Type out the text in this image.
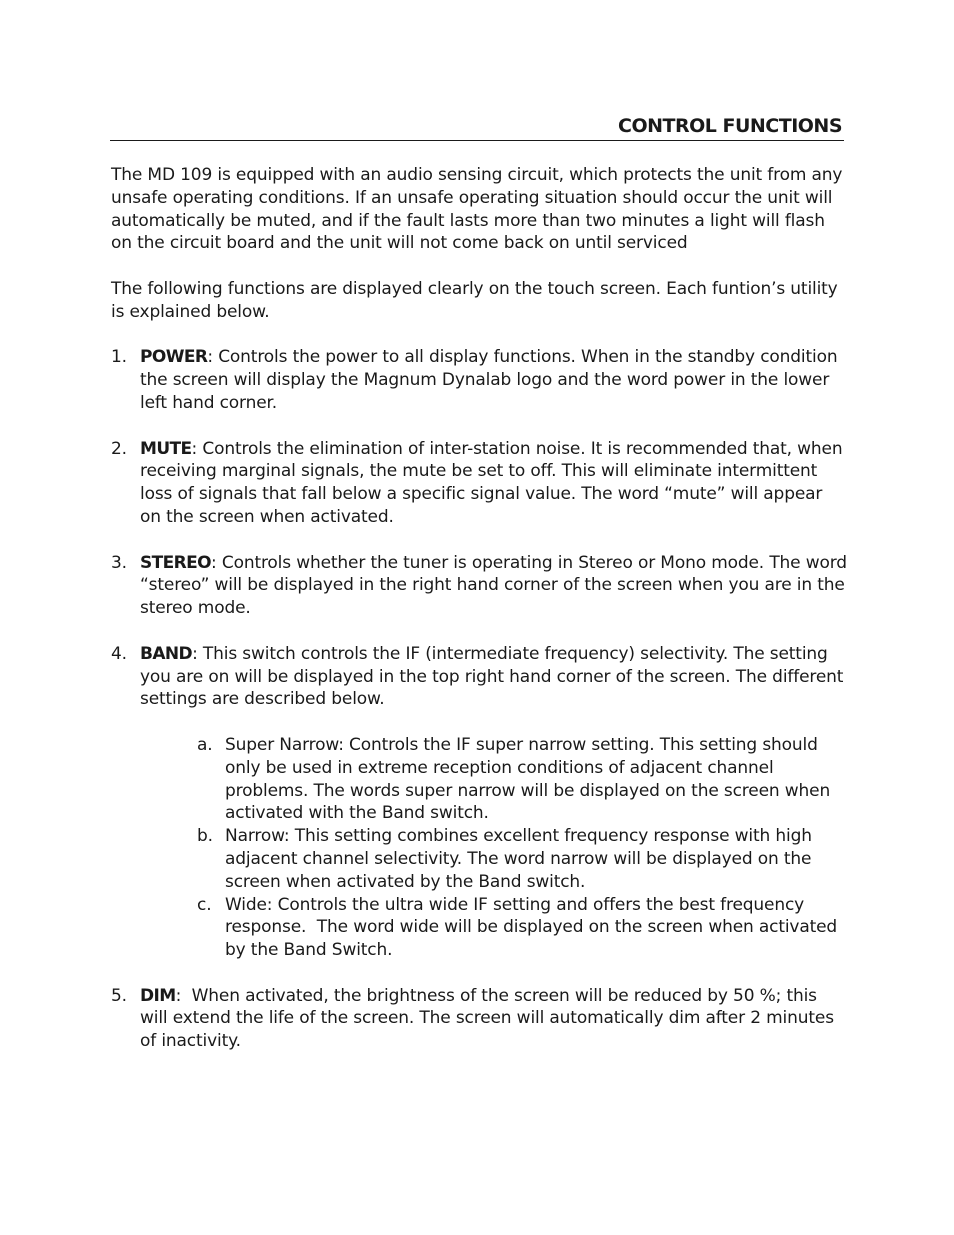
CONTROL FUNCTIONS

The MD 109 is equipped with an audio sensing circuit, which protects the unit from any unsafe operating conditions. If an unsafe operating situation should occur the unit will automatically be muted, and if the fault lasts more than two minutes a light will flash on the circuit board and the unit will not come back on until serviced

The following functions are displayed clearly on the touch screen. Each funtion’s utility is explained below.

1. POWER: Controls the power to all display functions. When in the standby condition the screen will display the Magnum Dynalab logo and the word power in the lower left hand corner.
2. MUTE: Controls the elimination of inter-station noise. It is recommended that, when receiving marginal signals, the mute be set to off. This will eliminate intermittent loss of signals that fall below a specific signal value. The word “mute” will appear on the screen when activated.
3. STEREO: Controls whether the tuner is operating in Stereo or Mono mode. The word “stereo” will be displayed in the right hand corner of the screen when you are in the stereo mode.
4. BAND: This switch controls the IF (intermediate frequency) selectivity. The setting you are on will be displayed in the top right hand corner of the screen. The different settings are described below.
a. Super Narrow: Controls the IF super narrow setting. This setting should only be used in extreme reception conditions of adjacent channel problems. The words super narrow will be displayed on the screen when activated with the Band switch.
b. Narrow: This setting combines excellent frequency response with high adjacent channel selectivity. The word narrow will be displayed on the screen when activated by the Band switch.
c. Wide: Controls the ultra wide IF setting and offers the best frequency response.  The word wide will be displayed on the screen when activated by the Band Switch.
5. DIM:  When activated, the brightness of the screen will be reduced by 50 %; this will extend the life of the screen. The screen will automatically dim after 2 minutes of inactivity.
